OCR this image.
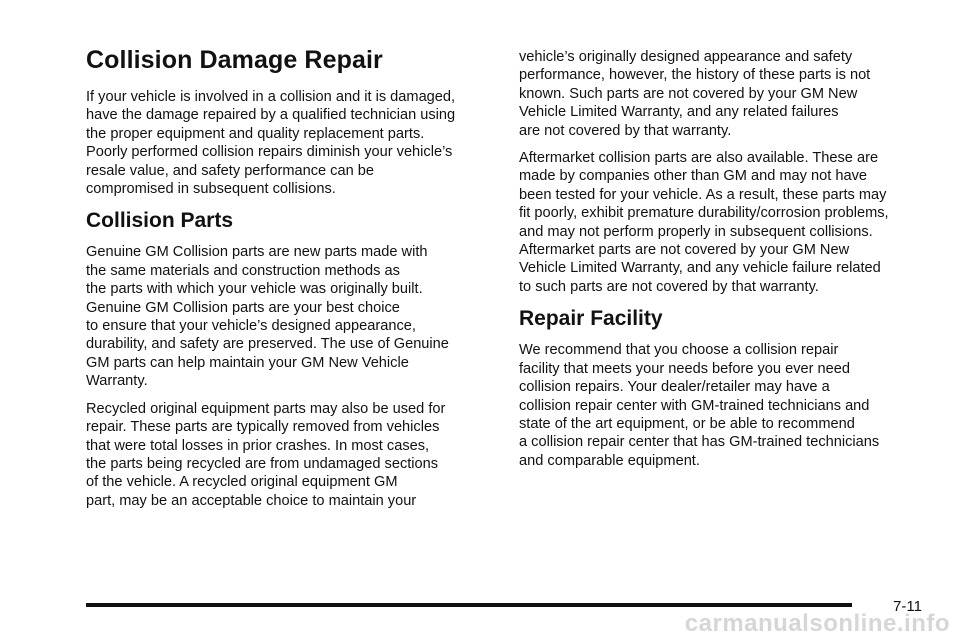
Collision Damage Repair

If your vehicle is involved in a collision and it is damaged,
have the damage repaired by a qualified technician using
the proper equipment and quality replacement parts.
Poorly performed collision repairs diminish your vehicle’s
resale value, and safety performance can be
compromised in subsequent collisions.

Collision Parts

Genuine GM Collision parts are new parts made with
the same materials and construction methods as
the parts with which your vehicle was originally built.
Genuine GM Collision parts are your best choice
to ensure that your vehicle’s designed appearance,
durability, and safety are preserved. The use of Genuine
GM parts can help maintain your GM New Vehicle
Warranty.

Recycled original equipment parts may also be used for
repair. These parts are typically removed from vehicles
that were total losses in prior crashes. In most cases,
the parts being recycled are from undamaged sections
of the vehicle. A recycled original equipment GM
part, may be an acceptable choice to maintain your

vehicle’s originally designed appearance and safety
performance, however, the history of these parts is not
known. Such parts are not covered by your GM New
Vehicle Limited Warranty, and any related failures
are not covered by that warranty.

Aftermarket collision parts are also available. These are
made by companies other than GM and may not have
been tested for your vehicle. As a result, these parts may
fit poorly, exhibit premature durability/corrosion problems,
and may not perform properly in subsequent collisions.
Aftermarket parts are not covered by your GM New
Vehicle Limited Warranty, and any vehicle failure related
to such parts are not covered by that warranty.

Repair Facility

We recommend that you choose a collision repair
facility that meets your needs before you ever need
collision repairs. Your dealer/retailer may have a
collision repair center with GM-trained technicians and
state of the art equipment, or be able to recommend
a collision repair center that has GM-trained technicians
and comparable equipment.

7-11
carmanualsonline.info
